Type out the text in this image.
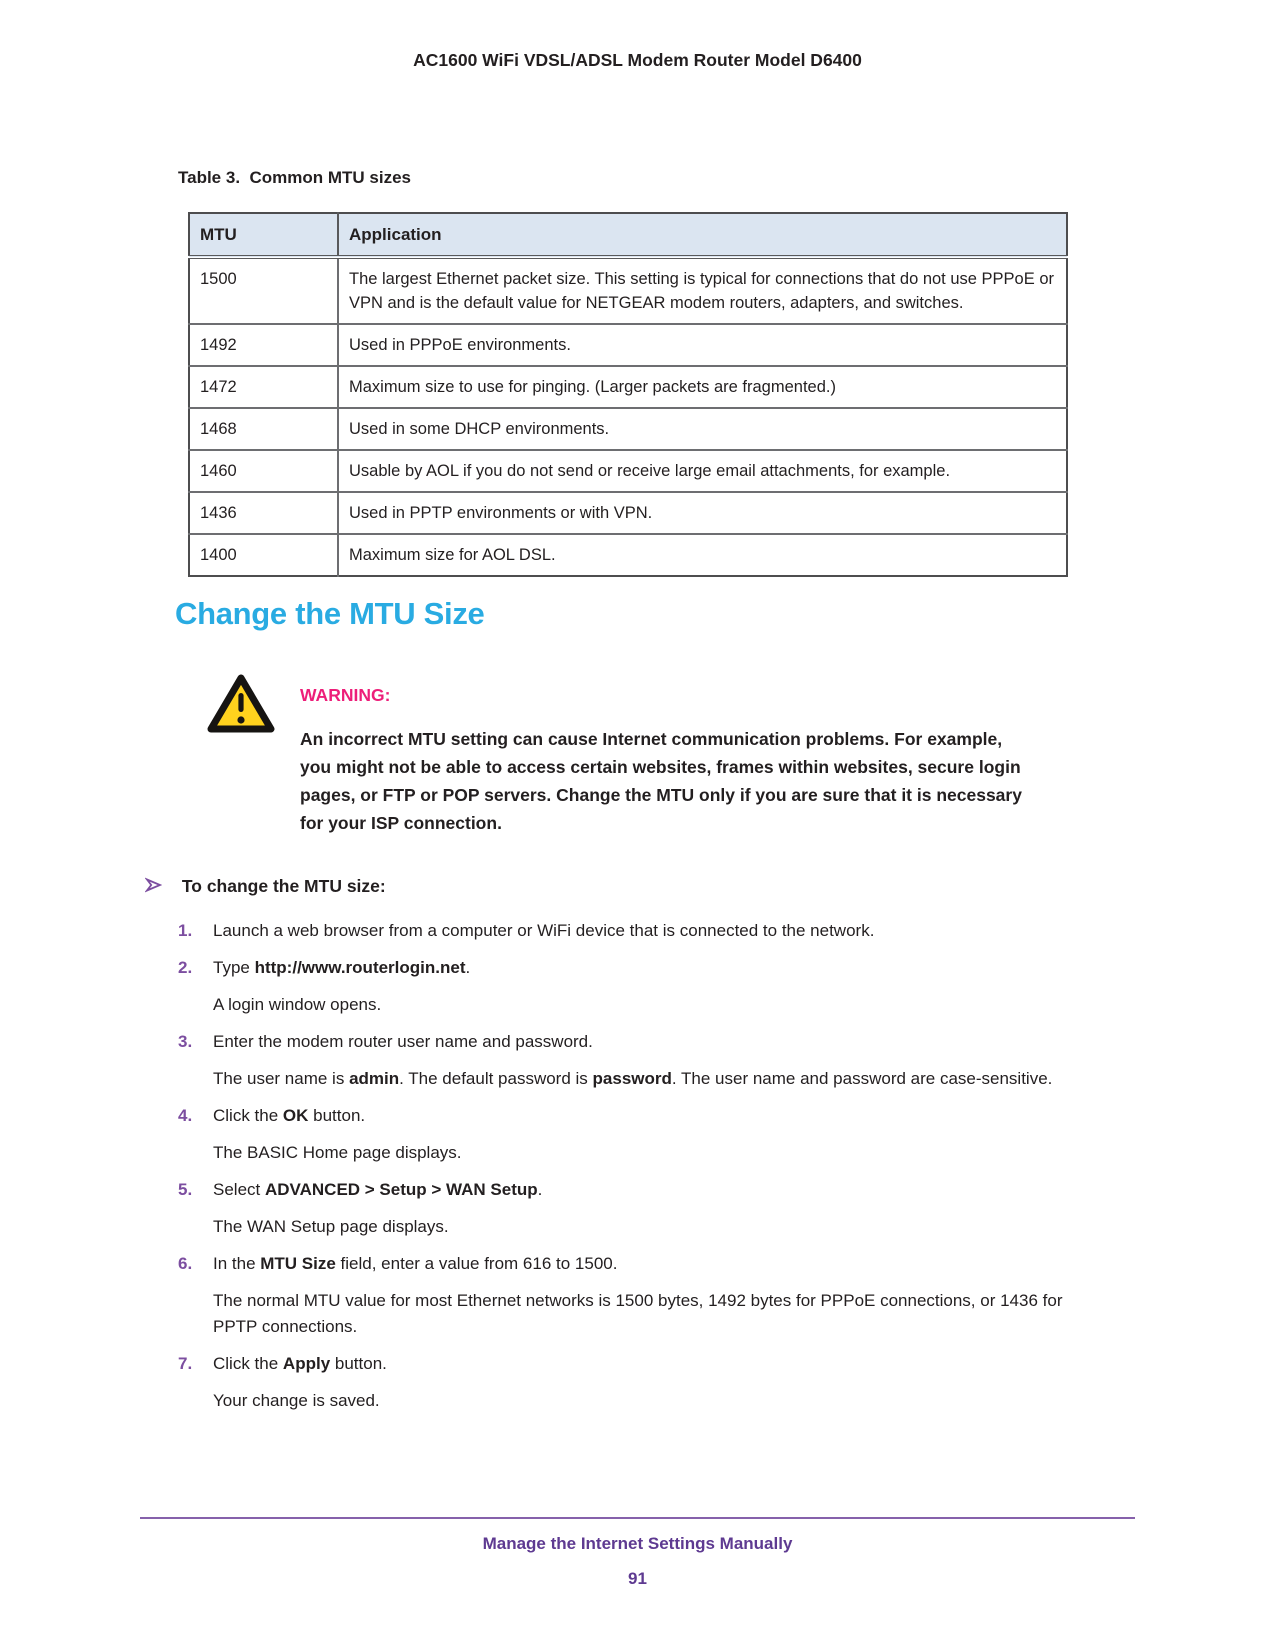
AC1600 WiFi VDSL/ADSL Modem Router Model D6400
Table 3.  Common MTU sizes
MTU	Application
1500	The largest Ethernet packet size. This setting is typical for connections that do not use PPPoE or VPN and is the default value for NETGEAR modem routers, adapters, and switches.
1492	Used in PPPoE environments.
1472	Maximum size to use for pinging. (Larger packets are fragmented.)
1468	Used in some DHCP environments.
1460	Usable by AOL if you do not send or receive large email attachments, for example.
1436	Used in PPTP environments or with VPN.
1400	Maximum size for AOL DSL.
Change the MTU Size

WARNING:

An incorrect MTU setting can cause Internet communication problems. For example, you might not be able to access certain websites, frames within websites, secure login pages, or FTP or POP servers. Change the MTU only if you are sure that it is necessary for your ISP connection.

To change the MTU size:
1.	Launch a web browser from a computer or WiFi device that is connected to the network.

2.	Type http://www.routerlogin.net.

A login window opens.

3.	Enter the modem router user name and password.

The user name is admin. The default password is password. The user name and password are case-sensitive.

4.	Click the OK button.

The BASIC Home page displays.

5.	Select ADVANCED > Setup > WAN Setup.

The WAN Setup page displays.

6.	In the MTU Size field, enter a value from 616 to 1500.

The normal MTU value for most Ethernet networks is 1500 bytes, 1492 bytes for PPPoE connections, or 1436 for PPTP connections.

7.	Click the Apply button.

Your change is saved.

Manage the Internet Settings Manually
91
